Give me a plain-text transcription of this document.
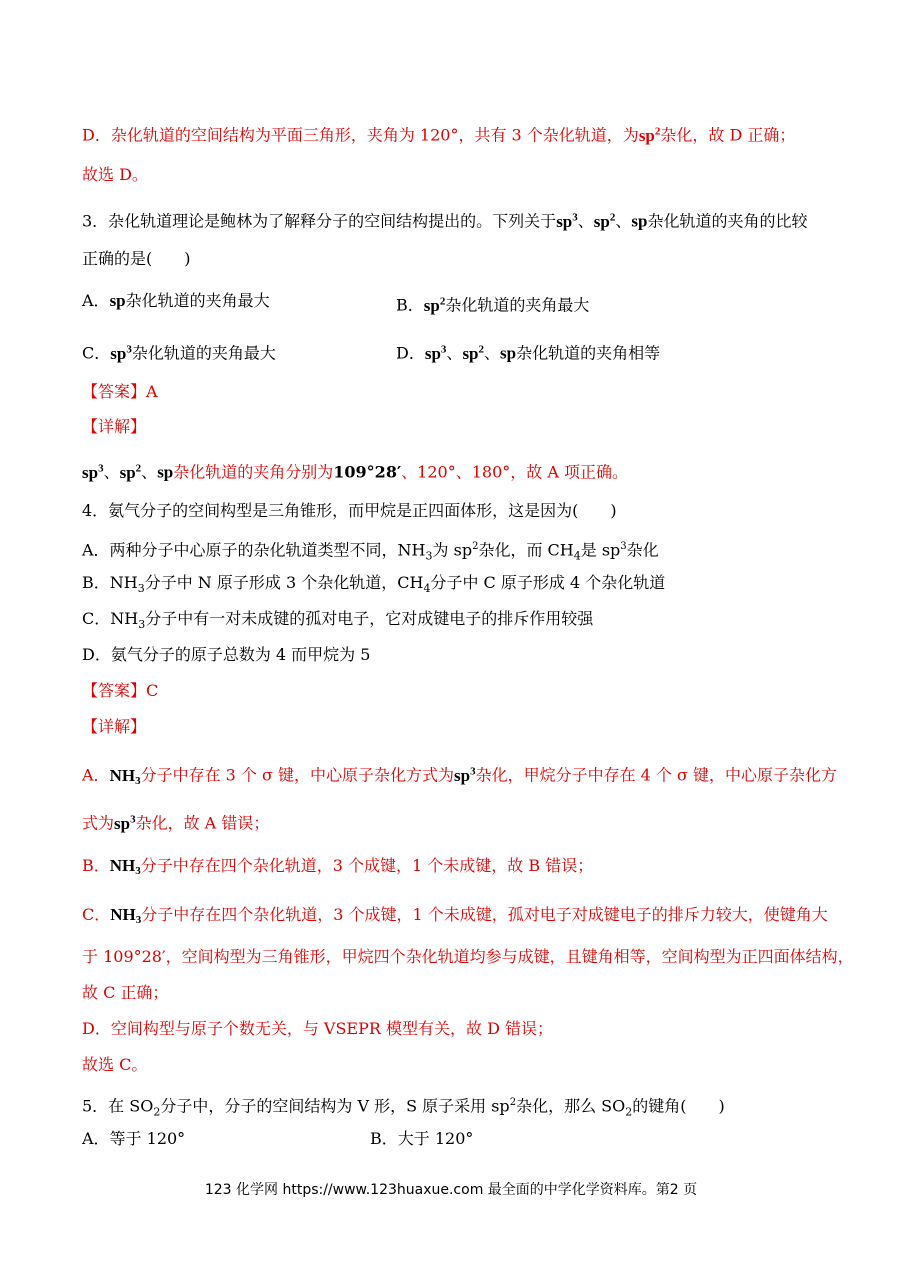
D．杂化轨道的空间结构为平面三角形，夹角为 120°，共有 3 个杂化轨道，为$sp^2$杂化，故 D 正确；
故选 D。
3．杂化轨道理论是鲍林为了解释分子的空间结构提出的。下列关于$sp^3$、$sp^2$、sp杂化轨道的夹角的比较
正确的是(　　)
A．sp杂化轨道的夹角最大	B．$sp^2$杂化轨道的夹角最大
C．$sp^3$杂化轨道的夹角最大	D．$sp^3$、$sp^2$、sp杂化轨道的夹角相等
【答案】A
【详解】
$sp^3$、$sp^2$、sp杂化轨道的夹角分别为109°28′、120°、180°，故 A 项正确。
4．氨气分子的空间构型是三角锥形，而甲烷是正四面体形，这是因为(　　)
A．两种分子中心原子的杂化轨道类型不同，$NH_3$为 $sp^2$杂化，而 $CH_4$是 $sp^3$杂化
B．$NH_3$分子中 N 原子形成 3 个杂化轨道，$CH_4$分子中 C 原子形成 4 个杂化轨道
C．$NH_3$分子中有一对未成键的孤对电子，它对成键电子的排斥作用较强
D．氨气分子的原子总数为 4 而甲烷为 5
【答案】C
【详解】
A．NH3分子中存在 3 个 σ 键，中心原子杂化方式为$sp^3$杂化，甲烷分子中存在 4 个 σ 键，中心原子杂化方
式为$sp^3$杂化，故 A 错误；
B．NH3分子中存在四个杂化轨道，3 个成键，1 个未成键，故 B 错误；
C．NH3分子中存在四个杂化轨道，3 个成键，1 个未成键，孤对电子对成键电子的排斥力较大，使键角大
于 109°28′，空间构型为三角锥形，甲烷四个杂化轨道均参与成键，且键角相等，空间构型为正四面体结构，
故 C 正确；
D．空间构型与原子个数无关，与 VSEPR 模型有关，故 D 错误；
故选 C。
5．在 $SO_2$分子中，分子的空间结构为 V 形，S 原子采用 $sp^2$杂化，那么 $SO_2$的键角(　　)
A．等于 120°	B．大于 120°
123 化学网 https://www.123huaxue.com 最全面的中学化学资料库。第2 页
